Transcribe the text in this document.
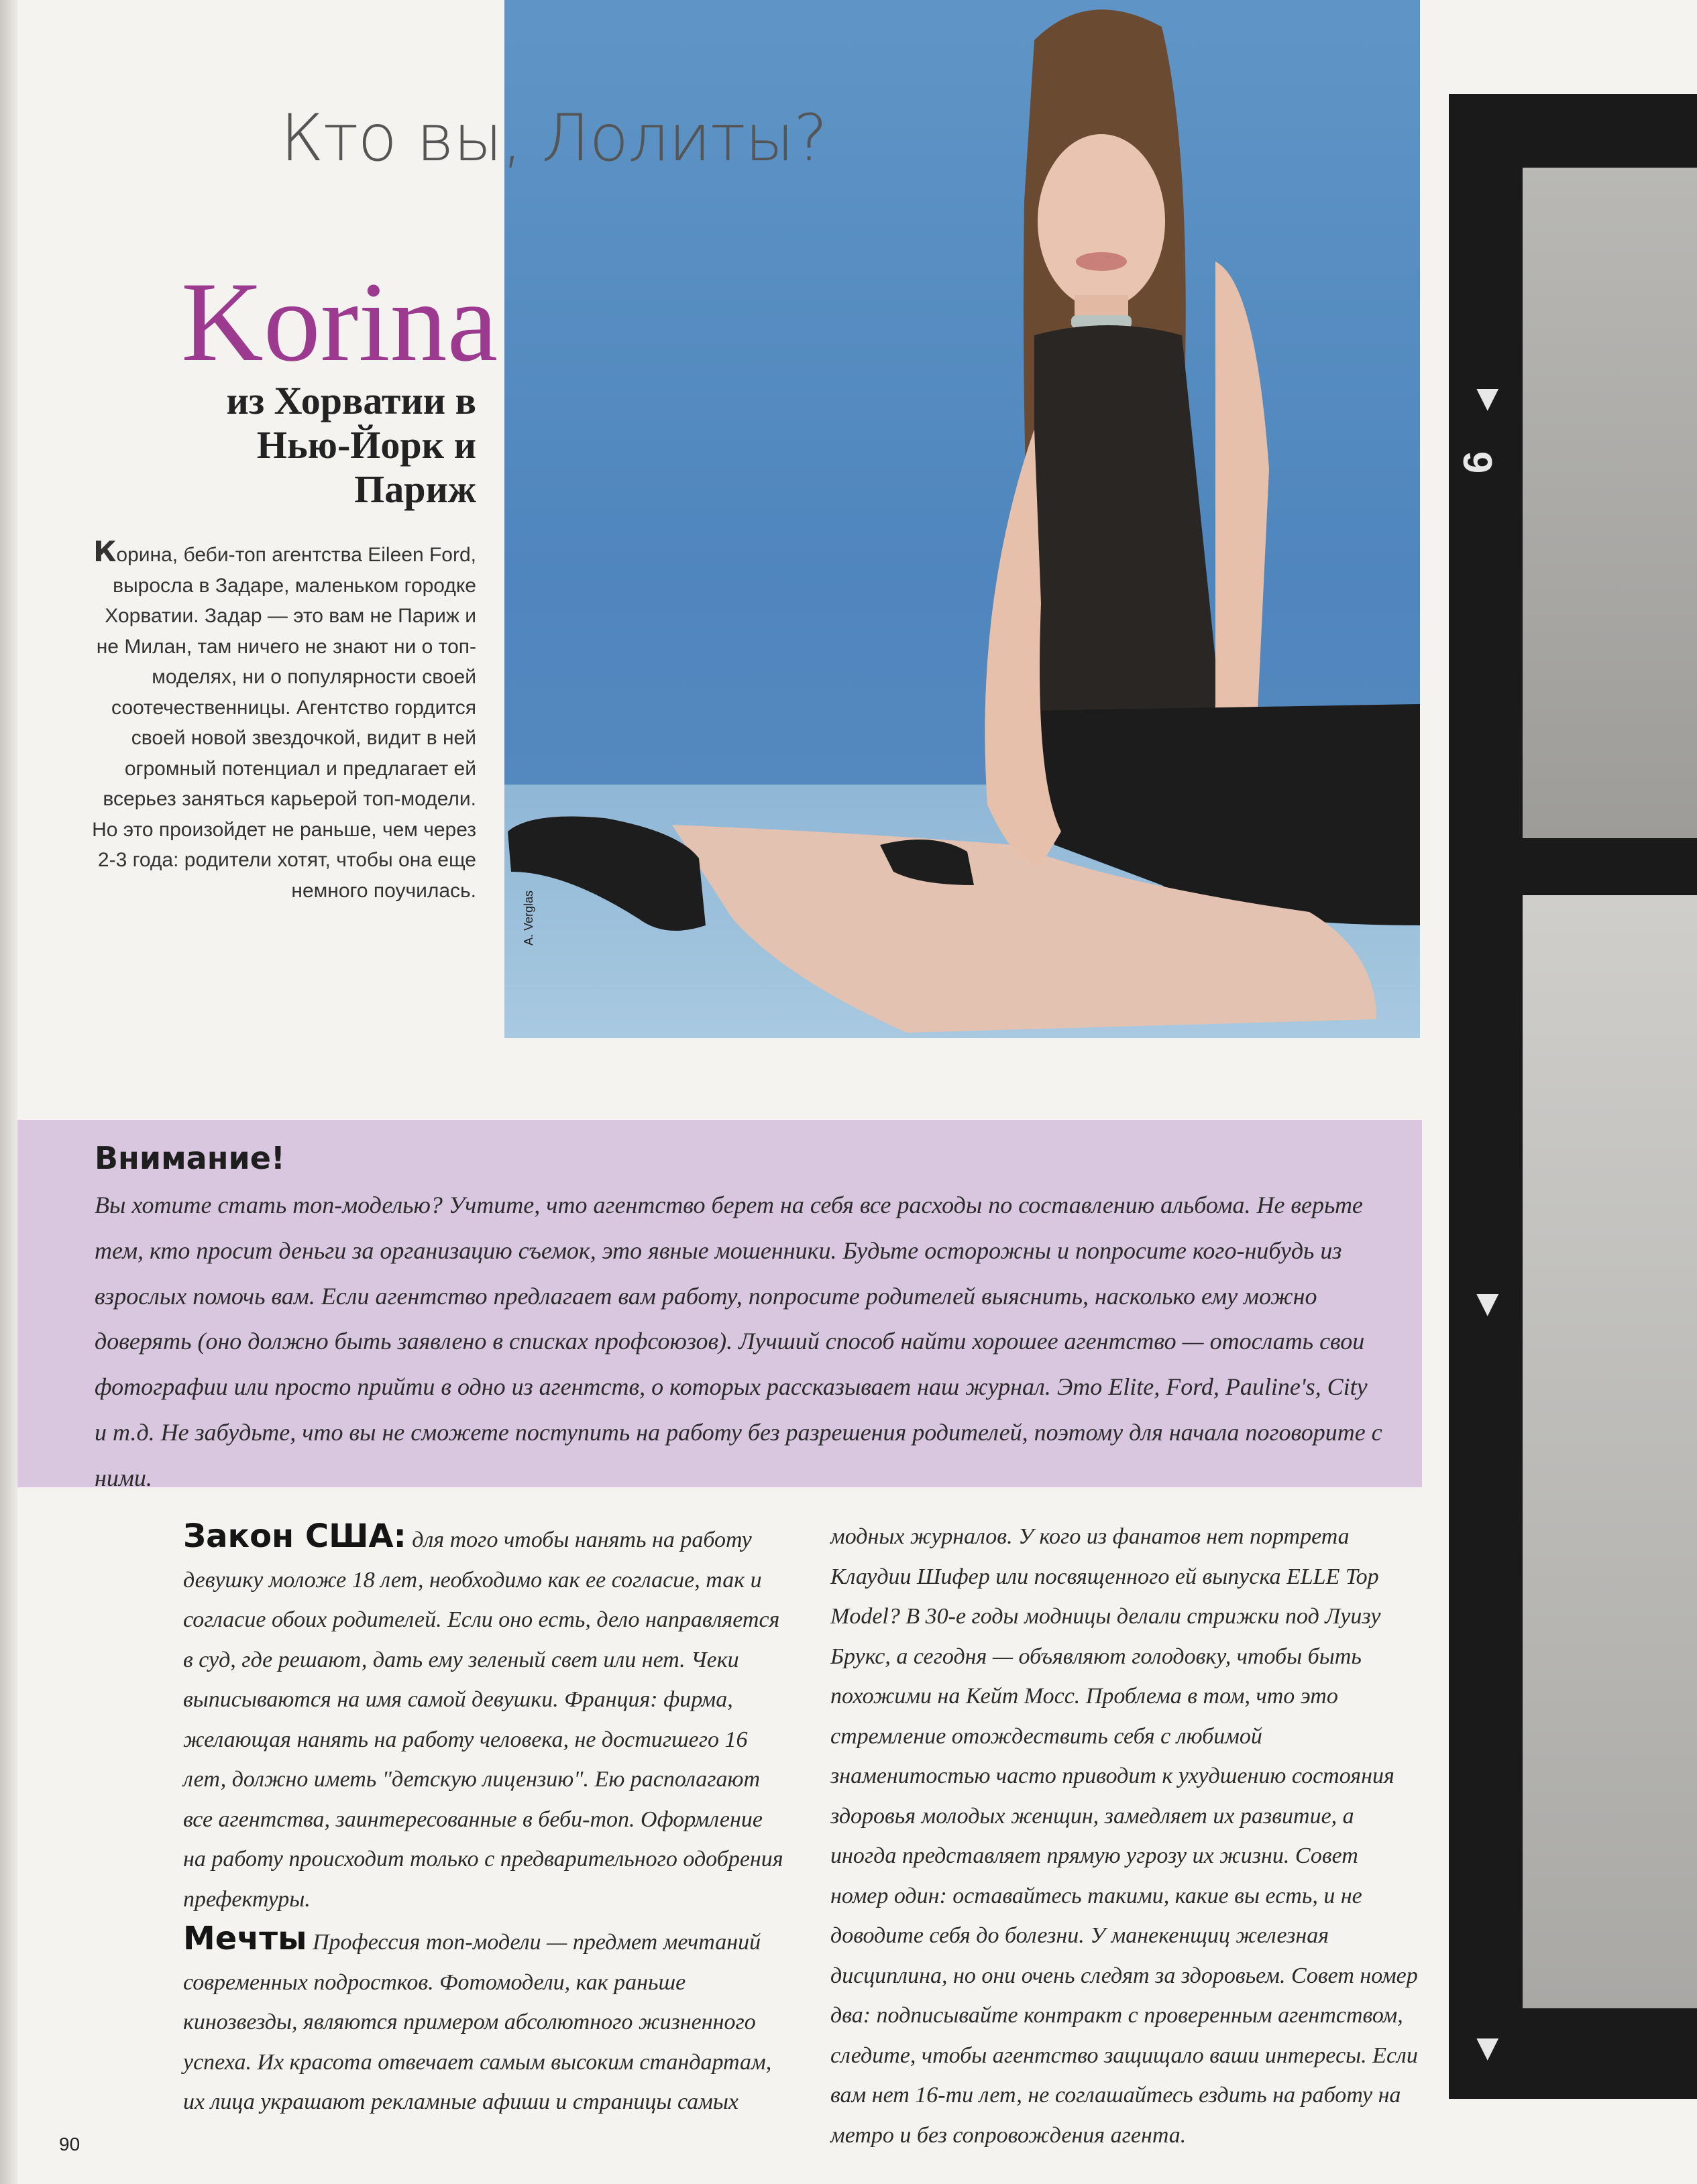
A. Verglas
▼
9
▼
▼
Кто вы, Лолиты?
Korina
из Хорватии в Нью-Йорк и Париж
Корина, беби-топ агентства Eileen Ford, выросла в Задаре, маленьком городке Хорватии. Задар — это вам не Париж и не Милан, там ничего не знают ни о топ-моделях, ни о популярности своей соотечественницы. Агентство гордится своей новой звездочкой, видит в ней огромный потенциал и предлагает ей всерьез заняться карьерой топ-модели. Но это произойдет не раньше, чем через 2-3 года: родители хотят, чтобы она еще немного поучилась.
Внимание!

Вы хотите стать топ-моделью? Учтите, что агентство берет на себя все расходы по составлению альбома. Не верьте тем, кто просит деньги за организацию съемок, это явные мошенники. Будьте осторожны и попросите кого-нибудь из взрослых помочь вам. Если агентство предлагает вам работу, попросите родителей выяснить, насколько ему можно доверять (оно должно быть заявлено в списках профсоюзов). Лучший способ найти хорошее агентство — отослать свои фотографии или просто прийти в одно из агентств, о которых рассказывает наш журнал. Это Elite, Ford, Pauline's, City и т.д. Не забудьте, что вы не сможете поступить на работу без разрешения родителей, поэтому для начала поговорите с ними.

Закон США: для того чтобы нанять на работу девушку моложе 18 лет, необходимо как ее согласие, так и согласие обоих родителей. Если оно есть, дело направляется в суд, где решают, дать ему зеленый свет или нет. Чеки выписываются на имя самой девушки. Франция: фирма, желающая нанять на работу человека, не достигшего 16 лет, должно иметь "детскую лицензию". Ею располагают все агентства, заинтересованные в беби-топ. Оформление на работу происходит только с предварительного одобрения префектуры.
Мечты Профессия топ-модели — предмет мечтаний современных подростков. Фотомодели, как раньше кинозвезды, являются примером абсолютного жизненного успеха. Их красота отвечает самым высоким стандартам, их лица украшают рекламные афиши и страницы самых
модных журналов. У кого из фанатов нет портрета Клаудии Шифер или посвященного ей выпуска ELLE Top Model? В 30-е годы модницы делали стрижки под Луизу Брукс, а сегодня — объявляют голодовку, чтобы быть похожими на Кейт Мосс. Проблема в том, что это стремление отождествить себя с любимой знаменитостью часто приводит к ухудшению состояния здоровья молодых женщин, замедляет их развитие, а иногда представляет прямую угрозу их жизни. Совет номер один: оставайтесь такими, какие вы есть, и не доводите себя до болезни. У манекенщиц железная дисциплина, но они очень следят за здоровьем. Совет номер два: подписывайте контракт с проверенным агентством, следите, чтобы агентство защищало ваши интересы. Если вам нет 16-ти лет, не соглашайтесь ездить на работу на метро и без сопровождения агента.
90
